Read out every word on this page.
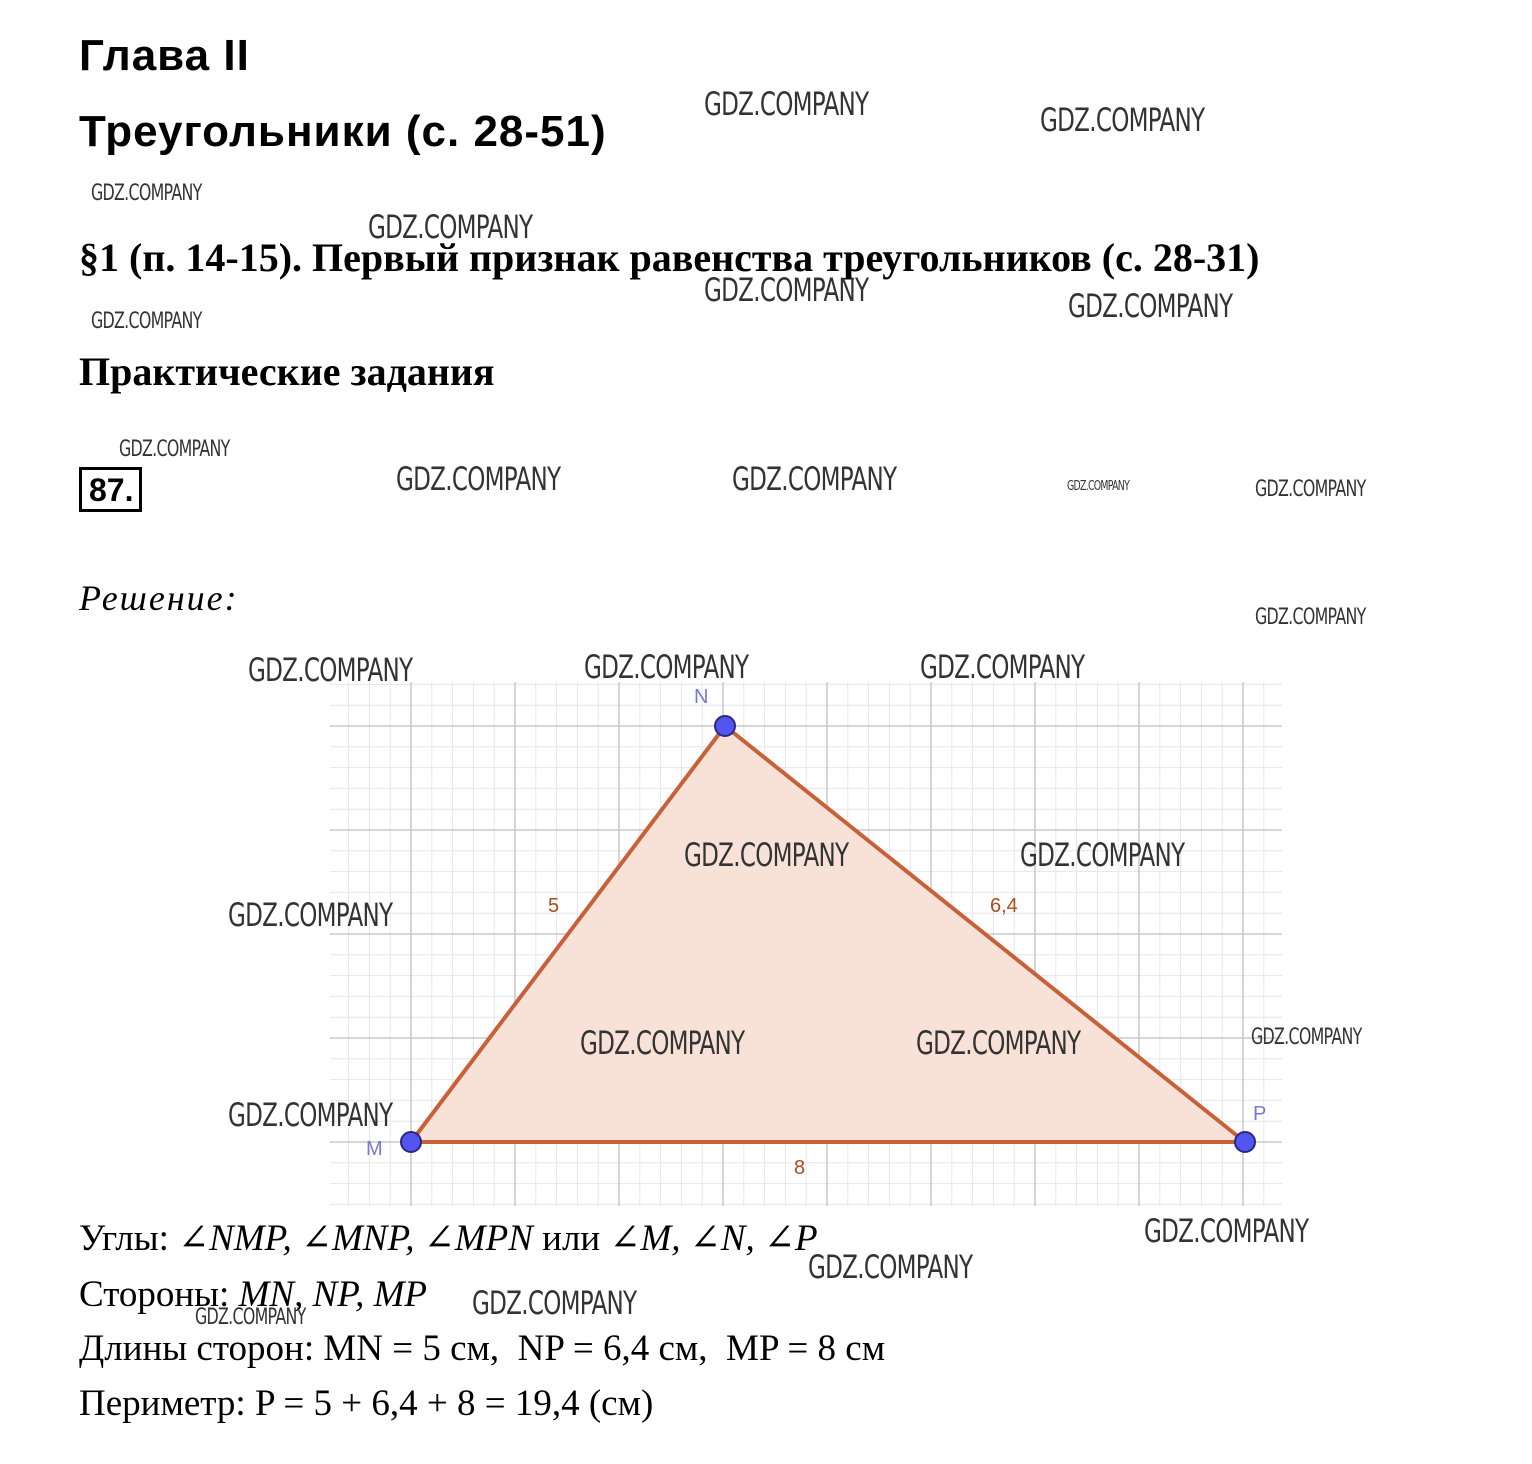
Глава II
Треугольники (с. 28-51)
§1 (п. 14-15). Первый признак равенства треугольников (с. 28-31)
Практические задания
87.
Решение:
M
N
P
5	6,4
8
Углы: ∠NMP, ∠MNP, ∠MPN или ∠M, ∠N, ∠P
Стороны: MN, NP, MP
Длины сторон: MN = 5 см,  NP = 6,4 см,  MP = 8 см
Периметр: P = 5 + 6,4 + 8 = 19,4 (см)
GDZ.COMPANY	GDZ.COMPANY
GDZ.COMPANY
GDZ.COMPANY
GDZ.COMPANY	GDZ.COMPANY
GDZ.COMPANY
GDZ.COMPANY
GDZ.COMPANY	GDZ.COMPANY	GDZ.COMPANY	GDZ.COMPANY
GDZ.COMPANY
GDZ.COMPANY	GDZ.COMPANY	GDZ.COMPANY
GDZ.COMPANY	GDZ.COMPANY
GDZ.COMPANY
GDZ.COMPANY	GDZ.COMPANY	GDZ.COMPANY
GDZ.COMPANY
GDZ.COMPANY
GDZ.COMPANY
GDZ.COMPANY
GDZ.COMPANY
